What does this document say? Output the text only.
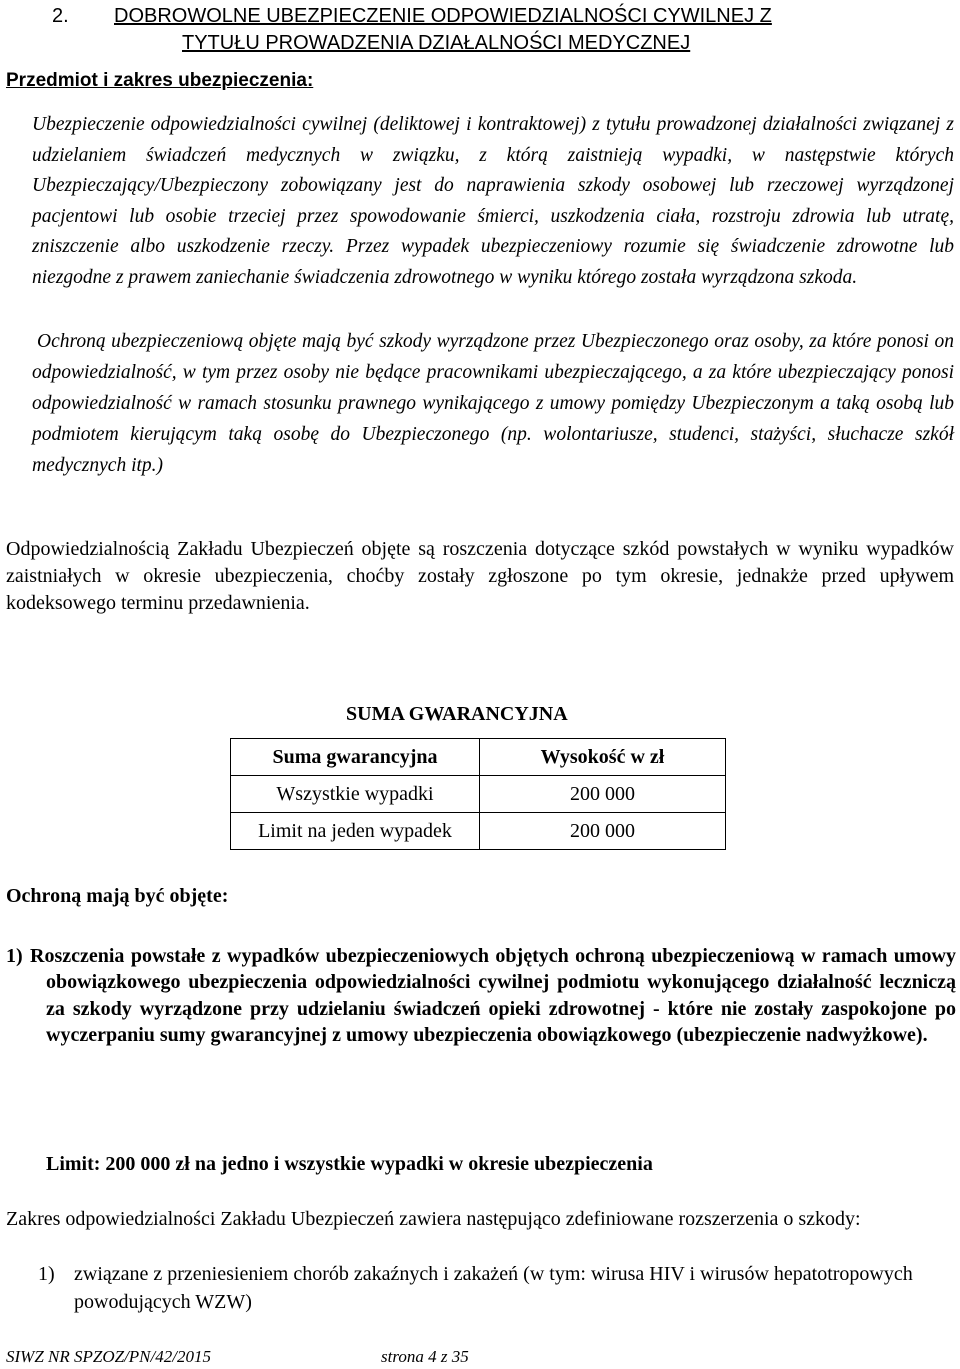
2. DOBROWOLNE UBEZPIECZENIE ODPOWIEDZIALNOŚCI CYWILNEJ Z
TYTUŁU PROWADZENIA DZIAŁALNOŚCI MEDYCZNEJ
Przedmiot i zakres ubezpieczenia:
Ubezpieczenie odpowiedzialności cywilnej (deliktowej i kontraktowej) z tytułu prowadzonej działalności związanej z udzielaniem świadczeń medycznych w związku, z którą zaistnieją wypadki, w następstwie których Ubezpieczający/Ubezpieczony zobowiązany jest do naprawienia szkody osobowej lub rzeczowej wyrządzonej pacjentowi lub osobie trzeciej przez spowodowanie śmierci, uszkodzenia ciała, rozstroju zdrowia lub utratę, zniszczenie albo uszkodzenie rzeczy. Przez wypadek ubezpieczeniowy rozumie się świadczenie zdrowotne lub niezgodne z prawem zaniechanie świadczenia zdrowotnego w wyniku którego została wyrządzona szkoda.
Ochroną ubezpieczeniową objęte mają być szkody wyrządzone przez Ubezpieczonego oraz osoby, za które ponosi on odpowiedzialność, w tym przez osoby nie będące pracownikami ubezpieczającego, a za które ubezpieczający ponosi odpowiedzialność w ramach stosunku prawnego wynikającego z umowy pomiędzy Ubezpieczonym a taką osobą lub podmiotem kierującym taką osobę do Ubezpieczonego (np. wolontariusze, studenci, stażyści, słuchacze szkół medycznych itp.)
Odpowiedzialnością Zakładu Ubezpieczeń objęte są roszczenia dotyczące szkód powstałych w wyniku wypadków zaistniałych w okresie ubezpieczenia, choćby zostały zgłoszone po tym okresie, jednakże przed upływem kodeksowego terminu przedawnienia.
SUMA GWARANCYJNA
Suma gwarancyjna	Wysokość w zł
Wszystkie wypadki	200 000
Limit na jeden wypadek	200 000
Ochroną mają być objęte:
1) Roszczenia powstałe z wypadków ubezpieczeniowych objętych ochroną ubezpieczeniową w ramach umowy obowiązkowego ubezpieczenia odpowiedzialności cywilnej podmiotu wykonującego działalność leczniczą za szkody wyrządzone przy udzielaniu świadczeń opieki zdrowotnej - które nie zostały zaspokojone po wyczerpaniu sumy gwarancyjnej z umowy ubezpieczenia obowiązkowego (ubezpieczenie nadwyżkowe).
Limit: 200 000 zł na jedno i wszystkie wypadki w okresie ubezpieczenia
Zakres odpowiedzialności Zakładu Ubezpieczeń zawiera następująco zdefiniowane rozszerzenia o szkody:
1) związane z przeniesieniem chorób zakaźnych i zakażeń (w tym: wirusa HIV i wirusów hepatotropowych powodujących WZW)
SIWZ NR SPZOZ/PN/42/2015	strona 4 z 35
